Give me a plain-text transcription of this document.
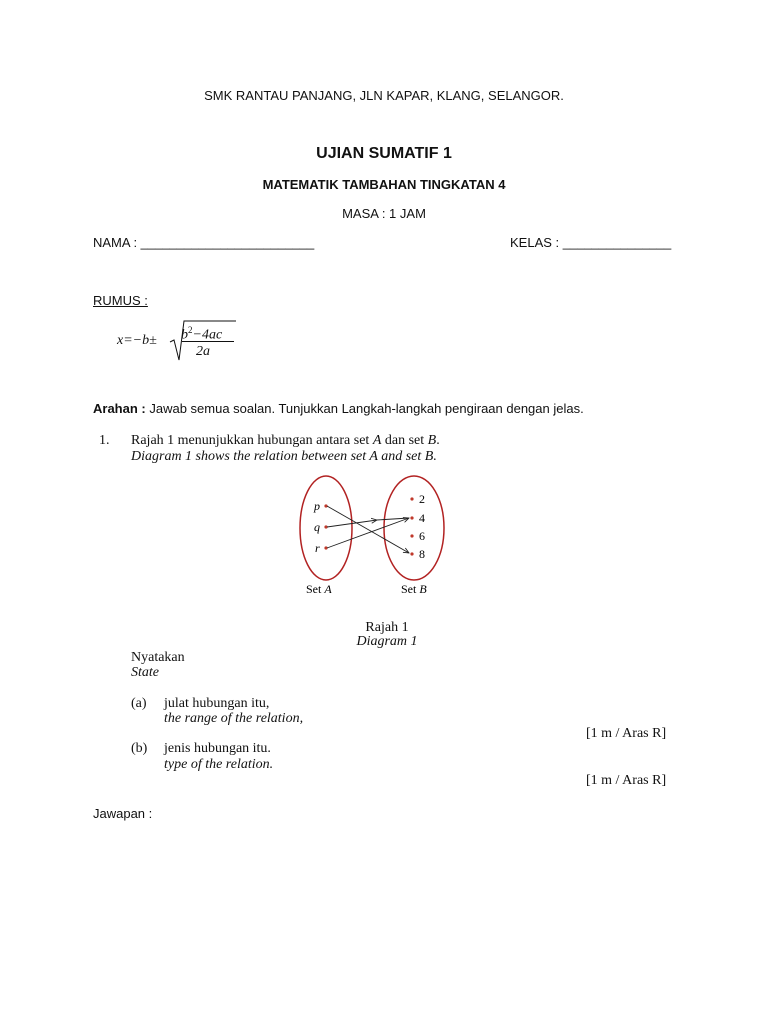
SMK RANTAU PANJANG, JLN KAPAR, KLANG, SELANGOR.
UJIAN SUMATIF 1
MATEMATIK TAMBAHAN TINGKATAN 4
MASA : 1 JAM
NAMA : ________________________	KELAS : _______________
RUMUS :
$x=-b\pm b^2-4ac$
2a
Arahan : Jawab semua soalan. Tunjukkan Langkah-langkah pengiraan dengan jelas.
1. Rajah 1 menunjukkan hubungan antara set A dan set B.
Diagram 1 shows the relation between set A and set B.
p
q
r
2
4
6
8
Set A	Set B
Rajah 1
Diagram 1
Nyatakan
State
(a) julat hubungan itu,
the range of the relation,
[1 m / Aras R]
(b) jenis hubungan itu.
type of the relation.
[1 m / Aras R]
Jawapan :
